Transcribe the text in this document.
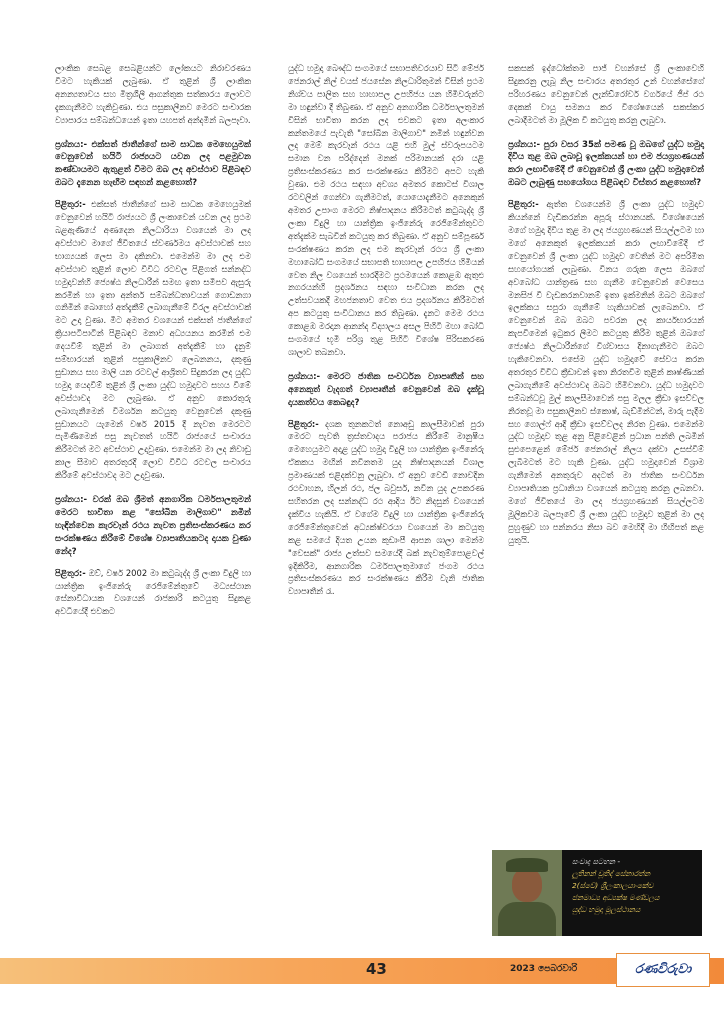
ලාංකික සෙබළ සෙබළියන්ට ලෝකයට නිරාවරණය වීමට හැකියක් ලැබුණා. ඒ තුළින් ශ්‍රී ලාංකික අනන්‍යතාවය සහ මිත්‍රශීලී ආගන්තුක සත්කාරය ලොවට දැකගැනීමට හැකිවුණා. එය පසුකාලීනව මෙරට සංචාරක ව්‍යාපාරය සම්බන්ධයෙන් ඉතා යහපත් අන්දමින් බලපෑවා.

ප්‍රශ්නය:- එක්සත් ජාතීන්ගේ සාම සාධක මෙහෙයුමක් වෙනුවෙන් හයිටි රාජ්‍යයට යවන ලද පළමුවන කණ්ඩායමට ඇතුළත් වීමට ඔබ ලද අවස්ථාව පිළිබඳව ඔබට දැනෙන හැඟීම සඳහන් කළහොත්?

පිළිතුර:- එක්සත් ජාතීන්ගේ සාම සාධක මෙහෙයුමක් වෙනුවෙන් හයිටි රාජ්‍යයට ශ්‍රී ලංකාවෙන් යවන ලද ප්‍රථම බළඇණියේ අණදෙන නිලධාරියා වශයෙන් මා ලද අවස්ථාව මාගේ ජීවිතයේ ස්වර්ණමය අවස්ථාවක් සහ භාග්‍යයක් ලෙස මා දකිනවා. එමෙන්ම මා ලද එම අවස්ථාව තුළින් ලොව විවිධ රටවල පිළිගත් සන්නද්ධ හමුදාවන්හි ජ්‍යෙෂ්ඨ නිලධාරීන් සමඟ ඉතා සමීපව ඇසුරු කරමින් හා ඉතා අන්තර් සම්බන්ධතාවයන් ගොඩනගා ගනිමින් බොහෝ අත්දැකීම් ලබාගැනීමේ විරල අවස්ථාවක් මට උදා වුණා. මීට අමතර වශයෙන් එක්සත් ජාතීන්ගේ ක්‍රියාපටිපාටීන් පිළිබඳව මනාව අධ්‍යයනය කරමින් එම දෙයවීම් තුළින් මා ලබාගත් අත්දැකීම් හා දැනුම් සම්භාරයන් තුළින් පසුකාලීනව ලෙබනනය, දකුණු සුඩානය සහ මාලි යන රටවල් ආශ්‍රිතව සිදුකරන ලද යුද්ධ හමුදා යෙදවීම් තුළින් ශ්‍රී ලංකා යුද්ධ හමුදාවට සහය වීමේ අවස්ථාවද මට ලැබුණා. ඒ අනුව කොරතුරු ලබාගැනීමෙන් විමර්ශන කටයුතු වෙනුවෙන් දකුණු සුඩානයට යැමෙන් වර්ෂ 2015 දී නැවත මෙරටට පැමිණීමෙන් පසු නැවතත් හයිටි රාජ්‍යයේ සංචාරය කිරීමටත් මට අවස්ථාව උදාවුණා. එමෙන්ම මා ලද නිවාඩු කාල සීමාව අතරතුරදී ලොව විවිධ රටවල සංචාරය කිරීමේ අවස්ථාවද මට උදාවුණා.

ප්‍රශ්නය:- වරක් ඔබ ශ්‍රීමත් අනගාරික ධර්මපාලතුමන් මෙරට භාවිතා කළ "සෝබින මාලිගාව" නමින් හැඳින්වෙන කැරවෑන් රථය නැවත ප්‍රතිසංස්කරණය කර සංරක්ෂණය කිරීමේ විශේෂ ව්‍යාපෘතියකටද දායක වුණා නේද?

පිළිතුර:- ඔව්, වර්ෂ 2002 මා කටුබැද්ද ශ්‍රී ලංකා විදුලි හා යාන්ත්‍රික ඉංජිනේරු රෙජිමේන්තුවේ මධ්‍යස්ථාන සේනාවිධායක වශයෙන් රාජකාරි කටයුතු සිදුකළ අවධියේදී එවකට

යුද්ධ හමුදා බෞද්ධ සංගමයේ සභාපතිවරයාව සිටි මේජර් ජෙනරාල් නිල් වයස් ජයසේන නිලධාරිතුමන් විසින් ප්‍රථම නිශ්චය පාලිත සහ හාහාපල උපහිජය යන හිමිවරුන්ට මා හඳුන්වා දී තිබුණා. ඒ අනුව අනගාරික ධර්මපාලතුමන් විසින් භාවිතා කරන ලද එවකට ඉතා අලංකාර කන්තමයේ පැවැති "සෝබින මාලිගාව" නමින් හඳුන්වන ලද මෙම් කැරවෑන් රථය යළි එහි මුල් ස්වරූපයටම සමාන වන පරිද්දෙන් මනක් පරිමානයක් දරා යළි ප්‍රතිසංස්කරණය කර සංරක්ෂණය කිරීමට අපට හැකි වුණා. එම රථය සඳහා අවශ්‍ය අමතර කොටස් විශාල රටවලින් ගෙන්වා ගැනීමටත්, යොයොදැනීමට අනෙකුන් අමතර උපාංග මෙරට නිෂ්පාදනය කිරීමටත් කටුබැද්ද ශ්‍රී ලංකා විදුලි හා යාන්ත්‍රික ඉංජිනේරු රෙජිමේන්තුවට අත්දැක්ම සැබවින් කටයුතු කර තිබුණා. ඒ අනුව සම්පූර්ණ සංරක්ෂණය කරන ලද එම කැරවෑන් රථය ශ්‍රී ලංකා මහාබෝධි සංගමයේ සභාපති භාහාපල උපහිජය හිමියන් වෙත නිල වශයෙන් භාරදීමට ප්‍රථමයෙන් කොළඹ ඇතුළු නගරයන්හි ප්‍රදර්ශනය සඳහා සංවිධාන කරන ලද උත්සවයකදී මහජනතාව වෙත එය ප්‍රදර්ශනය කිරීමටත් අප කටයුතු සංවිධානය කර තිබුණා. දැනට මෙම රථය කොළඹ මරදාන ආනන්ද විද්‍යාලය අසල පිහිටි මහා බෝධි සංගමයේ භූමි පරිශ්‍ර තුළ පිහිටි විශේෂ පිරිසකරණ ශාලාව තබනවා.

ප්‍රශ්නය:- මෙරට ජාතික සංවර්ධන ව්‍යාපෘතීන් සහ අනෙකුත් වැදගත් ව්‍යාපෘතීන් වෙනුවෙන් ඔබ දැක්වූ දායකත්වය කෙබඳුද?

පිළිතුර:- දශක තුනකටත් නොඅඩු කාලසීමාවක් පුරා මෙරට පැවති ත්‍රස්තවාදය පරාජය කිරීමේ මානුෂීය මෙහෙයුමට අදාළ යුද්ධ හමුදා විදුලි හා යාන්ත්‍රික ඉංජිනේරු ඒකකය මඟින් නවීනතම යුද නිෂ්පාදනයන් විශාල ප්‍රමාණයක් එළිදක්වනු ලැබුවා. ඒ අනුව වෙඩි නොවදින රථවාහන, හිලන් රථ, ජල බවුසර්, නවීන යුද උපකරණ සහිතරන ලද සන්නද්ධ රථ ආදිය ඊට නිදසුන් වශයෙන් දැක්විය හැකියි. ඒ වගේම විදුලි හා යාන්ත්‍රික ඉංජිනේරු රෙජිමේන්තුවෙන් අධ්‍යක්ෂ්වරයා වශයෙන් මා කටයුතු කළ සමයේ දියත උයන කුඩාංපී ආපන ශාලා මෙන්ම "වෙසක්" රාජ්‍ය උත්සව සමයේදී බක් නැවතුම්පොළවල් ඉදිකිරීම, ආනගාරික ධර්මපාලතුමාගේ ජංගම රථය ප්‍රතිසංස්කරණය කර සංරක්ෂණය කිරීම වැනි ජාතික ව්‍යාපෘතීන් රැ.

සකසක් ඉද්ධෝක්තම පාජ් වහන්සේ ශ්‍රී ලංකාවෙහි සිදුකරනු ලැබූ නිල සංචාරය අතරතුර උන් වහන්සේගේ පරිහරණය වෙනුවෙන් ලැන්ඩ්රෝවර් වර්ගයේ ජීප් රථ දෙකක් වායු සමනය කර විශේෂයෙන් සකස්කර ලබාදීමටත් මා මූලික වී කටයුතු කරනු ලැබුවා.

ප්‍රශ්නය:- පුරා වසර 35ක් පමණ වූ ඔබගේ යුද්ධ හමුදා දිවිය තුළ ඔබ ලබාවූ ඉලක්කයන් හා එම ජයග්‍රහණයන් කරා ලඟාවීමේදී ඒ වෙනුවෙන් ශ්‍රී ලංකා යුද්ධ හමුදාවෙන් ඔබට ලැබුණු සහයෝගය පිළිබඳව විස්තර කළහොත්?

පිළිතුර:- ඇත්ත වශයෙන්ම ශ්‍රී ලංකා යුද්ධ හමුදාව කියන්නේ වැඩිකරන්න අපූරු ස්ථානයක්. විශේෂයෙන් මගේ හමුදා දිවිය තුළ මා ලද ජයග්‍රහණයන් සියල්ලටම හා මගේ අනෙකුත් ඉලක්කයන් කරා ලඟාවීමේදී ඒ වෙනුවෙන් ශ්‍රී ලංකා යුද්ධ හමුදාව වෙතින් මට අපරිමිත සහයෝගයක් ලැබුණා. විනය ගරුක ලෙස ඔබගේ අවබෝධ යාන්ත්‍රණ සහ ගැනීම වෙනුවෙන් වෙසෙය මනසිජ වී වැඩකරනවානම් ඉතා ඉක්මනින් ඔබට ඔබගේ ඉලක්කය සපුරා ගැනීමේ හැකියාවක් ලැබෙනවා. ඒ වෙනුවෙන් ඔබ ඔබට පවරන ලද කාර්යභාරයන් කැපවීමෙන් ඉටුකර ලීමට කටයුතු කිරීම තුළින් ඔබගේ ජ්‍යෙෂ්ඨ නිලධාරීන්ගේ විශ්වාසය දිනාගැනීමට ඔබට හැකිවෙනවා. එසේම යුද්ධ හමුදාවේ සේවය කරන අතරතුර විවිධ ක්‍රීඩාවන් ඉතා නිරතවීම තුළින් කෘෂ්ණියක් ලබාගැනීමේ අවස්ථාවද ඔබට හිමිවනවා. යුද්ධ හමුදාවට සම්බන්ධවූ මුල් කාලසීමාවෙන් පසු මලල ක්‍රීඩා ඉසව්වල නිරතවූ මා පසුකාලීනව ස්කොෂ්, බැඩ්මින්ටන්, මාරු පැදීම සහ ගොල්ෆ් ආදී ක්‍රීඩා ඉසව්වලද නිරත වුණා. එමෙන්ම යුද්ධ හමුදාව තුළ අනු පිළිවෙළින් ප්‍රධාන පන්ති ලබමින් සුළුපෙළෙන් මේජර් ජෙනරාල් නිලය දක්වා උසස්වීම් ලැබීමටත් මට හැකි වුණා. යුද්ධ හමුදාවෙන් විශ්‍රාම ගැනීමෙන් අනතුරුව අදටත් මා ජාතික සංවර්ධන ව්‍යාපෘතියක ප්‍රධානියා වශයෙන් කටයුතු කරනු ලබනවා. මගේ ජීවිතයේ මා ලද ජයග්‍රහණයන් සියල්ලටම මූලිකවම බලපෑවේ ශ්‍රී ලංකා යුද්ධ හමුදාව තුළින් මා ලද පුහුණුව හා පන්නරය නිසා බව මෙහිදී මා හිඟිපත් කළ යුතුයි.

සංවාද සටහන -
ලුතිනන් චූතිද් සේනාරත්න
2(ස්වේ) ශ්‍රීලංකාලයාංකේව
ජනමාධ්‍ය අධ්‍යක්ෂ මණ්ඩලය
යුද්ධ හමුදා මූලස්ථානය
43	2023 පෙබරවාරි	රණවිරුවා
